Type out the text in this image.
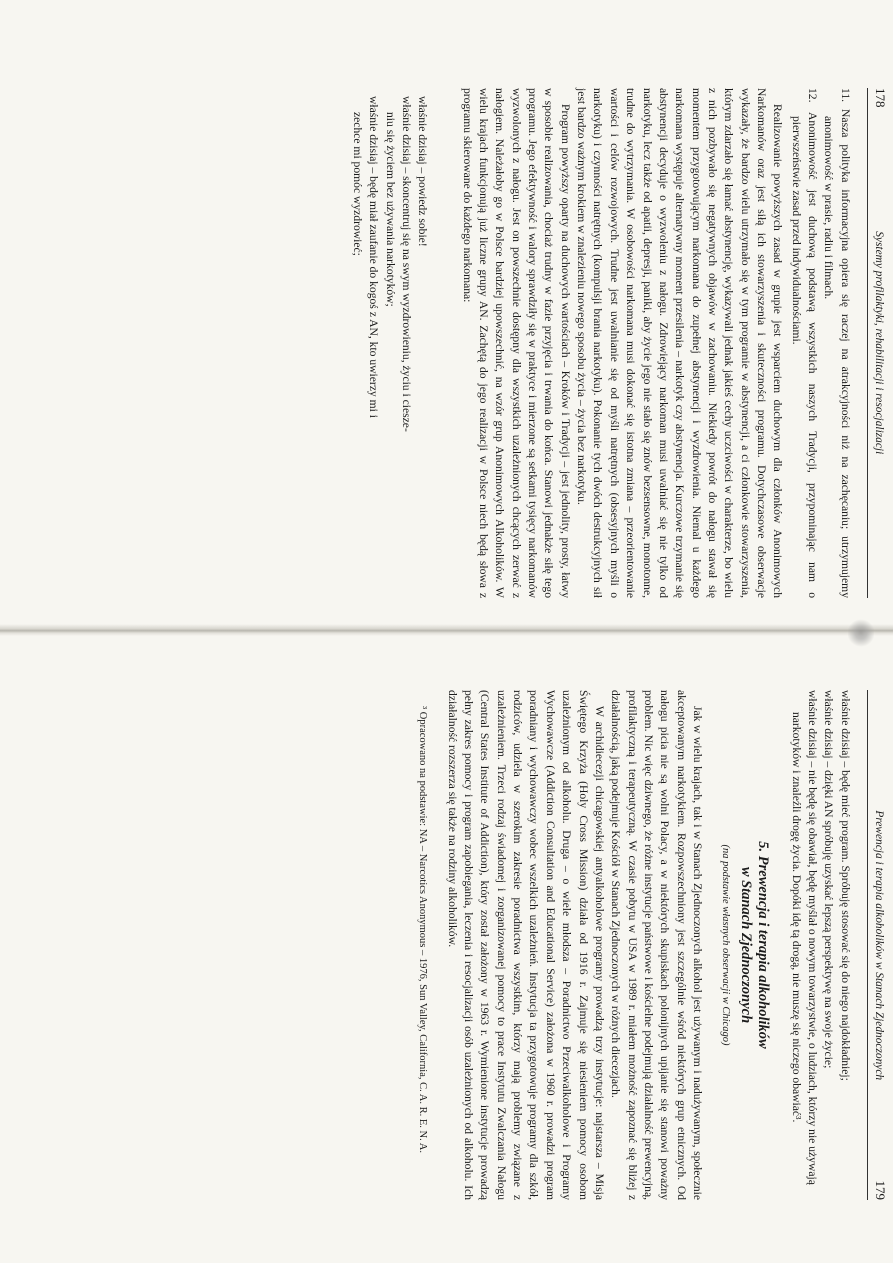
178
Systemy profilaktyki, rehabilitacji i resocjalizacji
11. Nasza polityka informacyjna opiera się raczej na atrakcyjności niż na zachęcaniu; utrzymujemy anonimowość w prasie, radiu i filmach.
12. Anonimowość jest duchową podstawą wszystkich naszych Tradycji, przypominając nam o pierwszeństwie zasad przed indywidualnościami.

Realizowanie powyższych zasad w grupie jest wsparciem duchowym dla członków Anonimowych Narkomanów oraz jest siłą ich stowarzyszenia i skuteczności programu. Dotychczasowe obserwacje wykazały, że bardzo wielu utrzymało się w tym programie w abstynencji, a ci członkowie stowarzyszenia, którym zdarzało się łamać abstynencję, wykazywali jednak jakieś cechy uczciwości w charakterze, bo wielu z nich pozbywało się negatywnych objawów w zachowaniu. Niekiedy powrót do nałogu stawał się momentem przygotowującym narkomana do zupełnej abstynencji i wyzdrowienia. Niemal u każdego narkomana występuje alternatywny moment przesilenia – narkotyk czy abstynencja. Kurczowe trzymanie się abstynencji decyduje o wyzwoleniu z nałogu. Zdrowiejący narkoman musi uwalniać się nie tylko od narkotyku, lecz także od apatii, depresji, paniki, aby życie jego nie stało się znów bezsensowne, monotonne, trudne do wytrzymania. W osobowości narkomana musi dokonać się istotna zmiana – przeorientowanie wartości i celów rozwojowych. Trudne jest uwalnianie się od myśli natrętnych (obsesyjnych myśli o narkotyku) i czynności natrętnych (kompulsji brania narkotyku). Pokonanie tych dwóch destrukcyjnych sił jest bardzo ważnym krokiem w znalezieniu nowego sposobu życia – życia bez narkotyku.

Program powyższy oparty na duchowych wartościach – Kroków i Tradycji – jest jednolity, prosty, łatwy w sposobie realizowania, chociaż trudny w fazie przyjęcia i trwania do końca. Stanowi jednakże siłę tego programu. Jego efektywność i walory sprawdziły się w praktyce i mierzone są setkami tysięcy narkomanów wyzwolonych z nałogu. Jest on powszechnie dostępny dla wszystkich uzależnionych chcących zerwać z nałogiem. Należałoby go w Polsce bardziej upowszechnić, na wzór grup Anonimowych Alkoholików. W wielu krajach funkcjonują już liczne grupy AN. Zachętą do jego realizacji w Polsce niech będą słowa z programu skierowane do każdego narkomana:

właśnie dzisiaj – powiedz sobie!
właśnie dzisiaj – skoncentruj się na swym wyzdrowieniu, życiu i ciesze-
niu się życiem bez używania narkotyków;
właśnie dzisiaj – będę miał zaufanie do kogoś z AN, kto uwierzy mi i
zechce mi pomóc wyzdrowieć;
Prewencja i terapia alkoholików w Stanach Zjednoczonych
179
właśnie dzisiaj – będę mieć program. Spróbuję stosować się do niego najdokładniej;
właśnie dzisiaj – dzięki AN spróbuję uzyskać lepszą perspektywę na swoje życie;
właśnie dzisiaj – nie będę się obawiał, będę myślał o nowym towarzystwie, o ludziach, którzy nie używają narkotyków i znaleźli drogę życia. Dopóki idę tą drogą, nie muszę się niczego obawiać³.
5. Prewencja i terapia alkoholików
w Stanach Zjednoczonych
(na podstawie własnych obserwacji w Chicago)

Jak w wielu krajach, tak i w Stanach Zjednoczonych alkohol jest używanym i nadużywanym, społecznie akceptowanym narkotykiem. Rozpowszechniony jest szczególnie wśród niektórych grup etnicznych. Od nałogu picia nie są wolni Polacy, a w niektórych skupiskach polonijnych upijanie się stanowi poważny problem. Nic więc dziwnego, że różne instytucje państwowe i kościelne podejmują działalność prewencyjną, profilaktyczną i terapeutyczną. W czasie pobytu w USA w 1989 r. miałem możność zapoznać się bliżej z działalnością, jaką podejmuje Kościół w Stanach Zjednoczonych w różnych diecezjach.

W archidiecezji chicagowskiej antyalkoholowe programy prowadzą trzy instytucje: najstarsza – Misja Świętego Krzyża (Holy Cross Mission) działa od 1916 r. Zajmuje się niesieniem pomocy osobom uzależnionym od alkoholu. Druga – o wiele młodsza – Poradnictwo Przeciwalkoholowe i Programy Wychowawcze (Addiction Consultation and Educational Service) założona w 1960 r. prowadzi program poradniany i wychowawczy wobec wszelkich uzależnień. Instytucja ta przygotowuje programy dla szkół, rodziców, udziela w szerokim zakresie poradnictwa wszystkim, którzy mają problemy związane z uzależnieniem. Trzeci rodzaj świadomej i zorganizowanej pomocy to prace Instytutu Zwalczania Nałogu (Central States Institute of Addiction), który został założony w 1963 r. Wymienione instytucje prowadzą pełny zakres pomocy i program zapobiegania, leczenia i resocjalizacji osób uzależnionych od alkoholu. Ich działalność rozszerza się także na rodziny alkoholików.

³ Opracowano na podstawie: NA – Narcotics Anonymous – 1976, Sun Valley, California, C. A. R. E. N. A.
